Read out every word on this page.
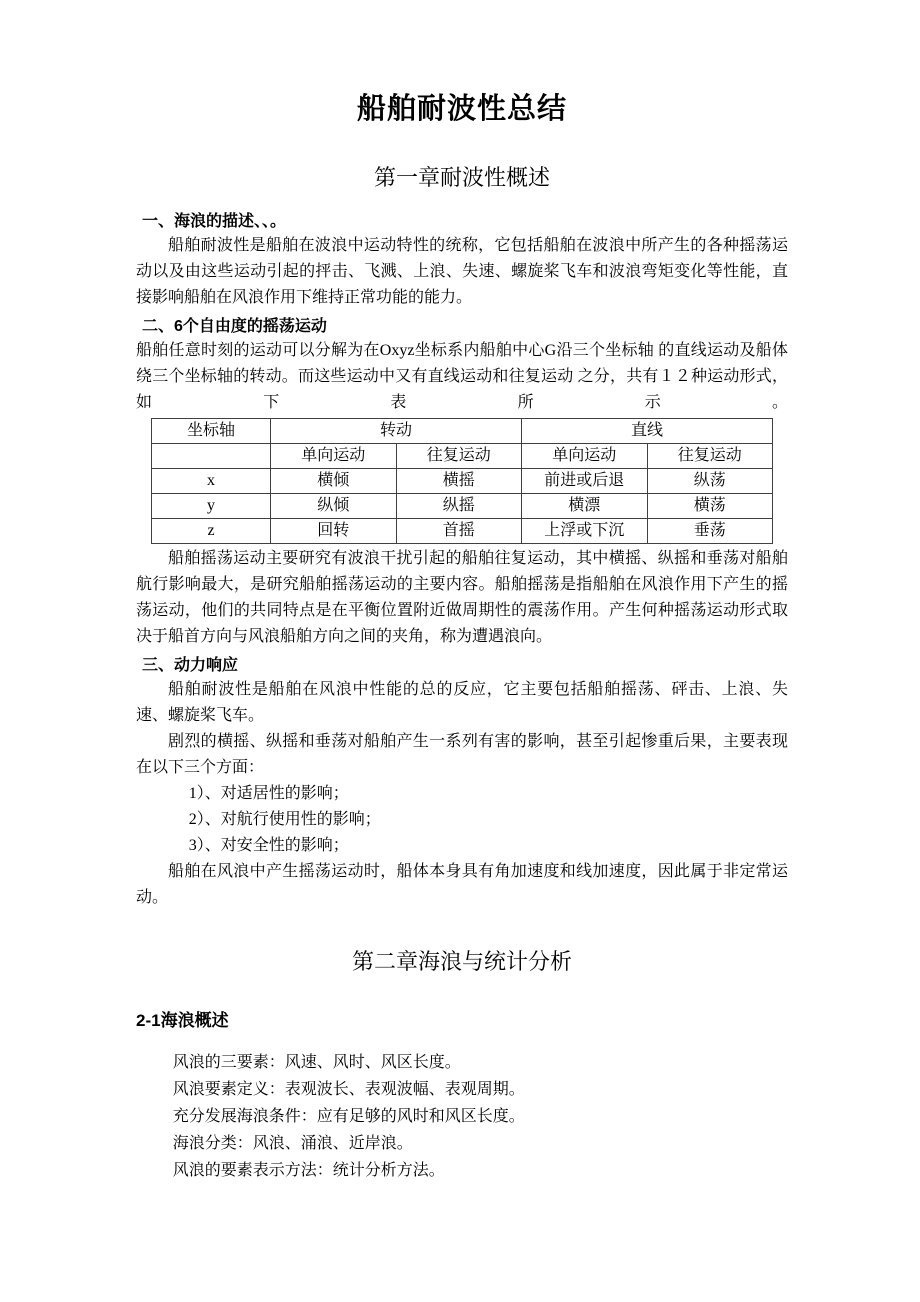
船舶耐波性总结
第一章耐波性概述
一、海浪的描述、、。

船舶耐波性是船舶在波浪中运动特性的统称，它包括船舶在波浪中所产生的各种摇荡运动以及由这些运动引起的抨击、飞溅、上浪、失速、螺旋桨飞车和波浪弯矩变化等性能，直接影响船舶在风浪作用下维持正常功能的能力。

二、6个自由度的摇荡运动

船舶任意时刻的运动可以分解为在Oxyz坐标系内船舶中心G沿三个坐标轴 的直线运动及船体绕三个坐标轴的转动。而这些运动中又有直线运动和往复运动 之分，共有１２种运动形式，如下表所示。

坐标轴	转动		直线	
	单向运动	往复运动	单向运动	往复运动
x	横倾	横摇	前进或后退	纵荡
y	纵倾	纵摇	横漂	横荡
z	回转	首摇	上浮或下沉	垂荡

船舶摇荡运动主要研究有波浪干扰引起的船舶往复运动，其中横摇、纵摇和垂荡对船舶航行影响最大，是研究船舶摇荡运动的主要内容。船舶摇荡是指船舶在风浪作用下产生的摇荡运动，他们的共同特点是在平衡位置附近做周期性的震荡作用。产生何种摇荡运动形式取决于船首方向与风浪船舶方向之间的夹角，称为遭遇浪向。

三、动力响应

船舶耐波性是船舶在风浪中性能的总的反应，它主要包括船舶摇荡、砰击、上浪、失速、螺旋桨飞车。

剧烈的横摇、纵摇和垂荡对船舶产生一系列有害的影响，甚至引起惨重后果，主要表现在以下三个方面：

1）、对适居性的影响；

2）、对航行使用性的影响；

3）、对安全性的影响；

船舶在风浪中产生摇荡运动时，船体本身具有角加速度和线加速度，因此属于非定常运动。

第二章海浪与统计分析
2-1海浪概述

风浪的三要素：风速、风时、风区长度。

风浪要素定义：表观波长、表观波幅、表观周期。

充分发展海浪条件：应有足够的风时和风区长度。

海浪分类：风浪、涌浪、近岸浪。

风浪的要素表示方法：统计分析方法。
